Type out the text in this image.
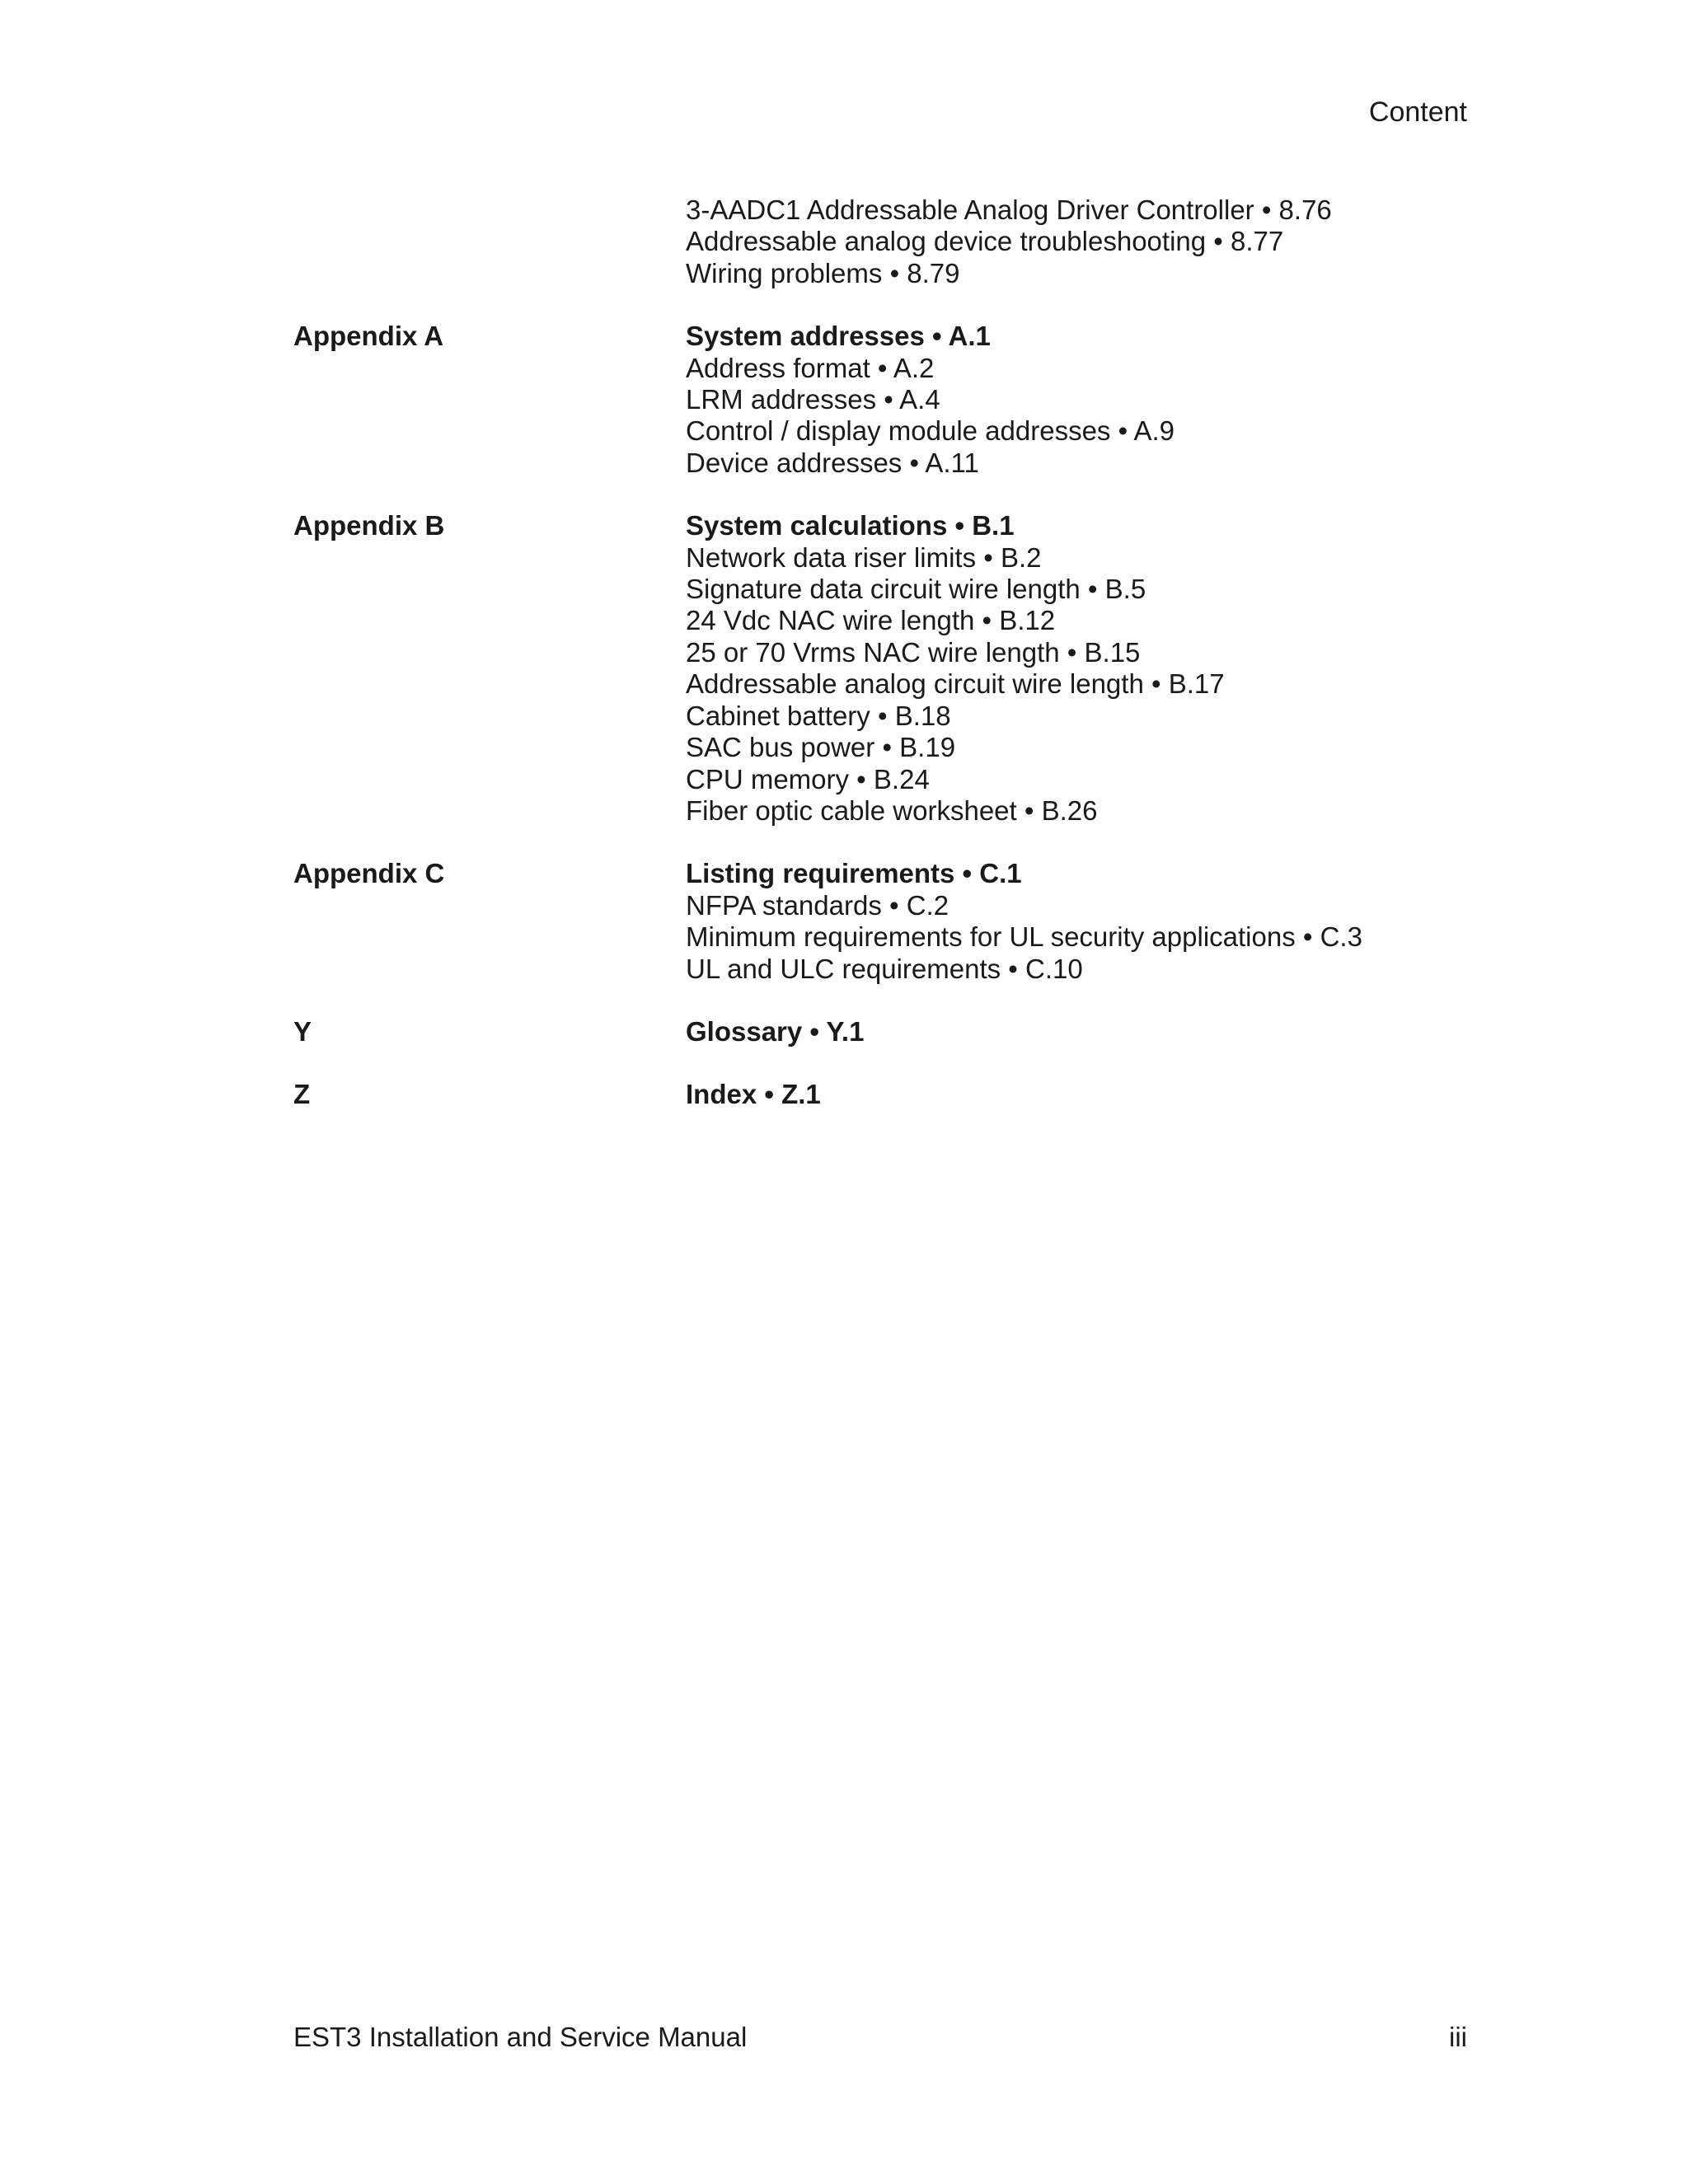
Content
3-AADC1 Addressable Analog Driver Controller • 8.76
Addressable analog device troubleshooting • 8.77
Wiring problems • 8.79
Appendix A	System addresses • A.1
Address format • A.2
LRM addresses • A.4
Control / display module addresses • A.9
Device addresses • A.11
Appendix B	System calculations • B.1
Network data riser limits • B.2
Signature data circuit wire length • B.5
24 Vdc NAC wire length • B.12
25 or 70 Vrms NAC wire length • B.15
Addressable analog circuit wire length • B.17
Cabinet battery • B.18
SAC bus power • B.19
CPU memory • B.24
Fiber optic cable worksheet • B.26
Appendix C	Listing requirements • C.1
NFPA standards • C.2
Minimum requirements for UL security applications • C.3
UL and ULC requirements • C.10
Y	Glossary • Y.1
Z	Index • Z.1
EST3 Installation and Service Manual	iii
